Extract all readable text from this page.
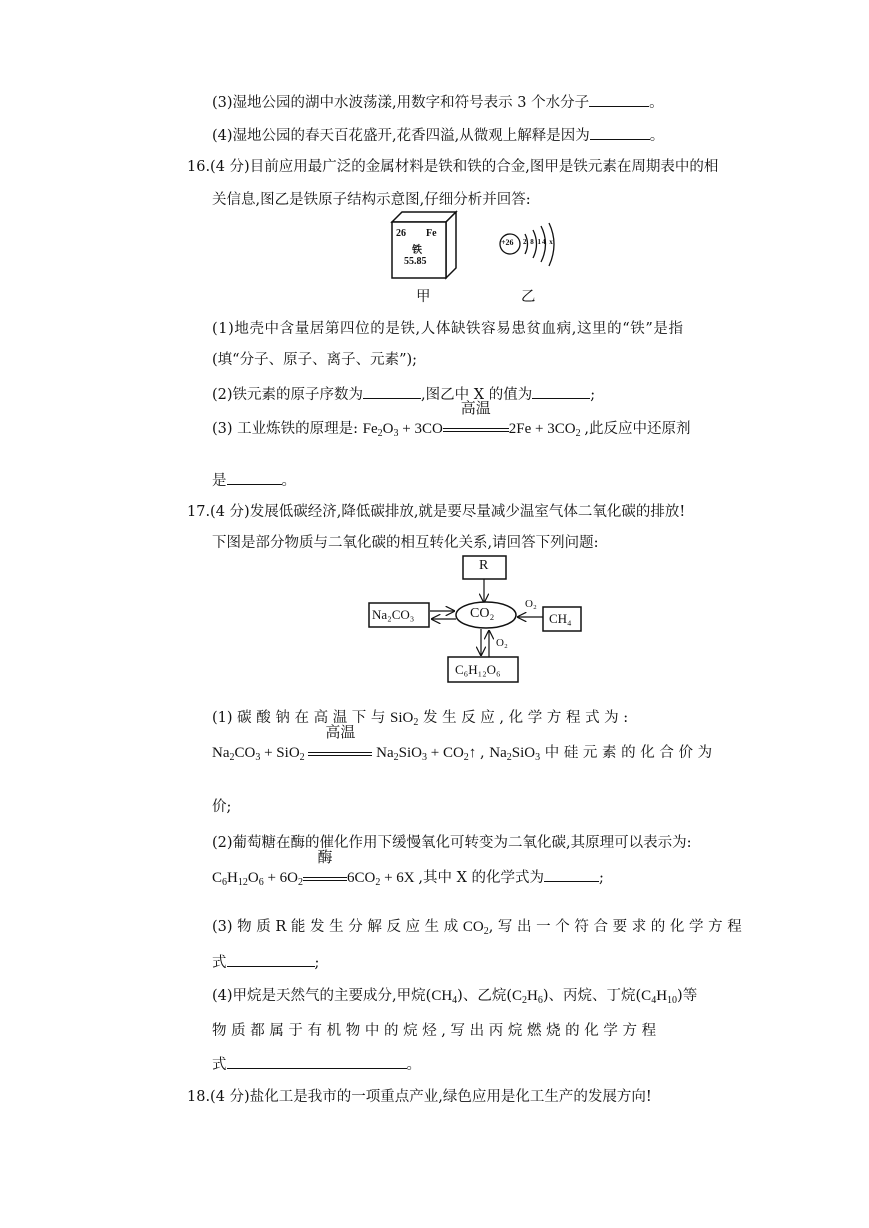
(3)湿地公园的湖中水波荡漾,用数字和符号表示 3 个水分子	。
(4)湿地公园的春天百花盛开,花香四溢,从微观上解释是因为	。
16.(4 分)目前应用最广泛的金属材料是铁和铁的合金,图甲是铁元素在周期表中的相
关信息,图乙是铁原子结构示意图,仔细分析并回答:
26 Fe
铁
55.85
+26 2 8 14 x
甲	乙
(1)地壳中含量居第四位的是铁,人体缺铁容易患贫血病,这里的“铁”是指
(填“分子、原子、离子、元素”);
(2)铁元素的原子序数为	,图乙中 X 的值为	;
(3) 工业炼铁的原理是: $Fe_2O_3 + 3CO$
高温
$2Fe + 3CO_2$ ,此反应中还原剂
是	。
17.(4 分)发展低碳经济,降低碳排放,就是要尽量减少温室气体二氧化碳的排放!
下图是部分物质与二氧化碳的相互转化关系,请回答下列问题:
R
CO₂
Na₂CO₃	CH₄
O₂
O₂
C₆H₁₂O₆
(1) 碳 酸 钠 在 高 温 下 与 SiO$_2$ 发 生 反 应 , 化 学 方 程 式 为 :
$Na_2CO_3 + SiO_2$
高温
$Na_2SiO_3$ + $CO_2↑$ , $Na_2SiO_3$ 中 硅 元 素 的 化 合 价 为
价;
(2)葡萄糖在酶的催化作用下缓慢氧化可转变为二氧化碳,其原理可以表示为:
$C_6H_{12}O_6 + 6O_2$
酶
$6CO_2 + 6X$ ,其中 X 的化学式为	;
(3) 物 质 R 能 发 生 分 解 反 应 生 成 $CO_2$, 写 出 一 个 符 合 要 求 的 化 学 方 程
式	;
(4)甲烷是天然气的主要成分,甲烷$(CH_4)$、乙烷$(C_2H_6)$、丙烷、丁烷$(C_4H_{10})$等
物 质 都 属 于 有 机 物 中 的 烷 烃 , 写 出 丙 烷 燃 烧 的 化 学 方 程
式	。
18.(4 分)盐化工是我市的一项重点产业,绿色应用是化工生产的发展方向!
